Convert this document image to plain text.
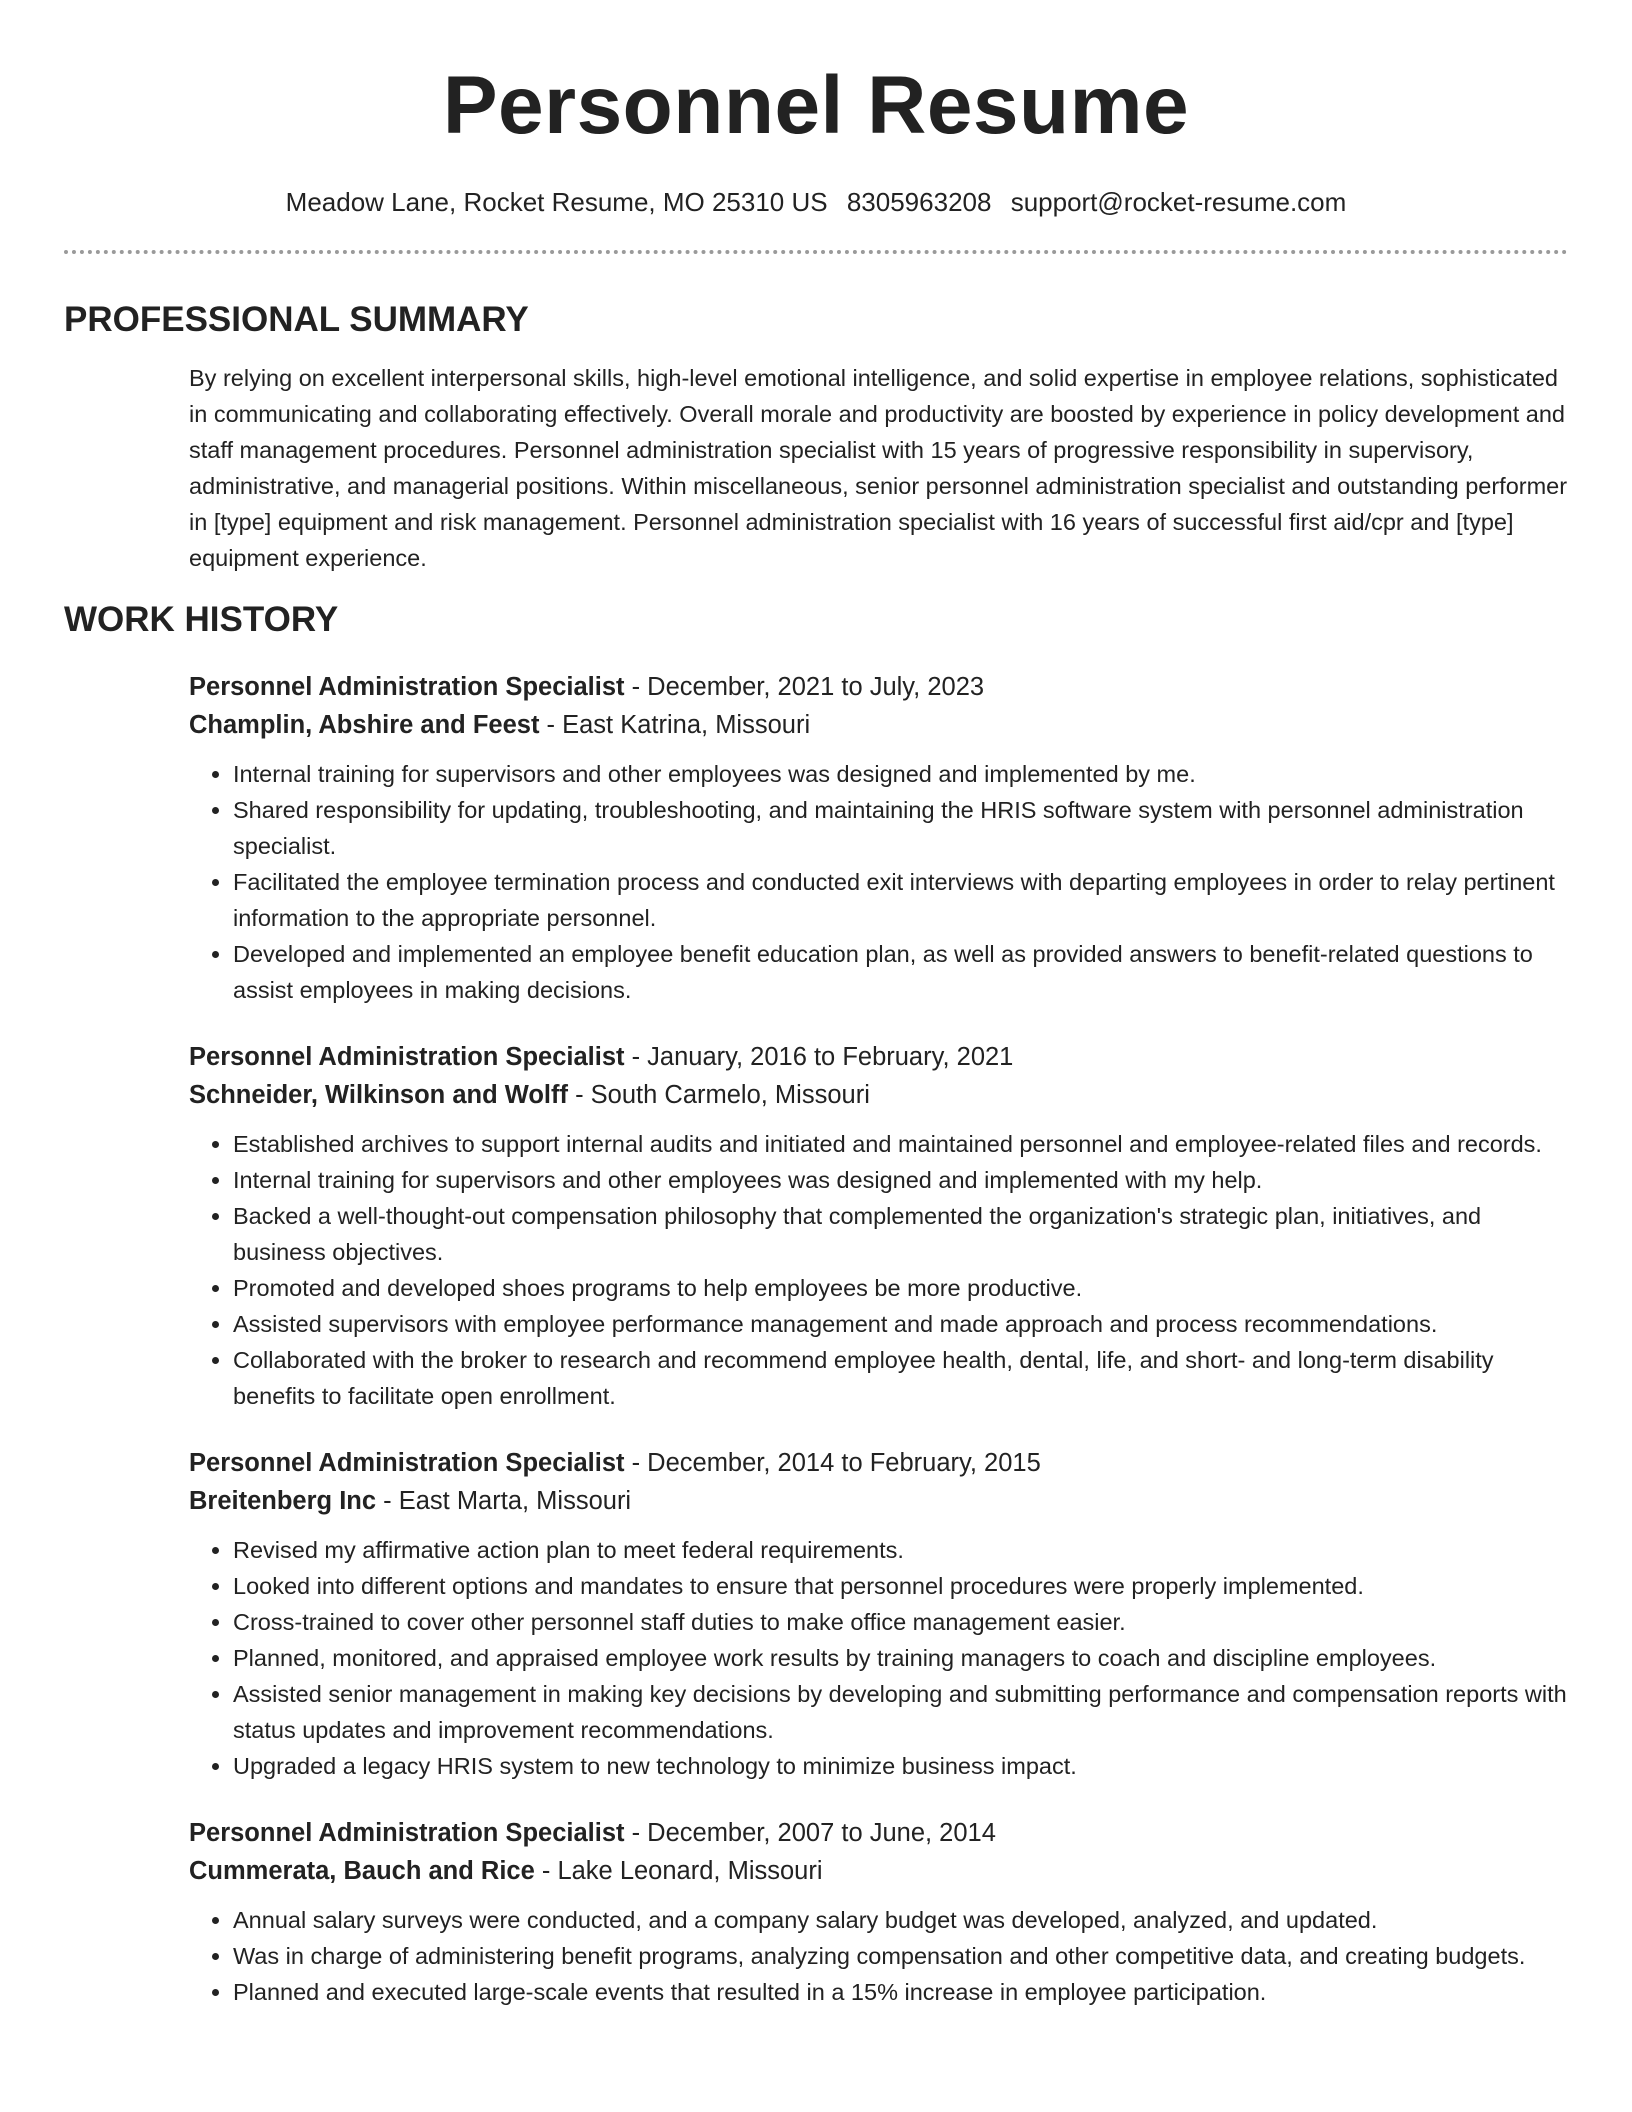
Personnel Resume
Meadow Lane, Rocket Resume, MO 25310 US 8305963208 support@rocket-resume.com
PROFESSIONAL SUMMARY
By relying on excellent interpersonal skills, high-level emotional intelligence, and solid expertise in employee relations, sophisticated in communicating and collaborating effectively. Overall morale and productivity are boosted by experience in policy development and staff management procedures. Personnel administration specialist with 15 years of progressive responsibility in supervisory, administrative, and managerial positions. Within miscellaneous, senior personnel administration specialist and outstanding performer in [type] equipment and risk management. Personnel administration specialist with 16 years of successful first aid/cpr and [type] equipment experience.
WORK HISTORY
Personnel Administration Specialist - December, 2021 to July, 2023
Champlin, Abshire and Feest - East Katrina, Missouri
• Internal training for supervisors and other employees was designed and implemented by me.
• Shared responsibility for updating, troubleshooting, and maintaining the HRIS software system with personnel administration specialist.
• Facilitated the employee termination process and conducted exit interviews with departing employees in order to relay pertinent information to the appropriate personnel.
• Developed and implemented an employee benefit education plan, as well as provided answers to benefit-related questions to assist employees in making decisions.
Personnel Administration Specialist - January, 2016 to February, 2021
Schneider, Wilkinson and Wolff - South Carmelo, Missouri
• Established archives to support internal audits and initiated and maintained personnel and employee-related files and records.
• Internal training for supervisors and other employees was designed and implemented with my help.
• Backed a well-thought-out compensation philosophy that complemented the organization's strategic plan, initiatives, and business objectives.
• Promoted and developed shoes programs to help employees be more productive.
• Assisted supervisors with employee performance management and made approach and process recommendations.
• Collaborated with the broker to research and recommend employee health, dental, life, and short- and long-term disability benefits to facilitate open enrollment.
Personnel Administration Specialist - December, 2014 to February, 2015
Breitenberg Inc - East Marta, Missouri
• Revised my affirmative action plan to meet federal requirements.
• Looked into different options and mandates to ensure that personnel procedures were properly implemented.
• Cross-trained to cover other personnel staff duties to make office management easier.
• Planned, monitored, and appraised employee work results by training managers to coach and discipline employees.
• Assisted senior management in making key decisions by developing and submitting performance and compensation reports with status updates and improvement recommendations.
• Upgraded a legacy HRIS system to new technology to minimize business impact.
Personnel Administration Specialist - December, 2007 to June, 2014
Cummerata, Bauch and Rice - Lake Leonard, Missouri
• Annual salary surveys were conducted, and a company salary budget was developed, analyzed, and updated.
• Was in charge of administering benefit programs, analyzing compensation and other competitive data, and creating budgets.
• Planned and executed large-scale events that resulted in a 15% increase in employee participation.
